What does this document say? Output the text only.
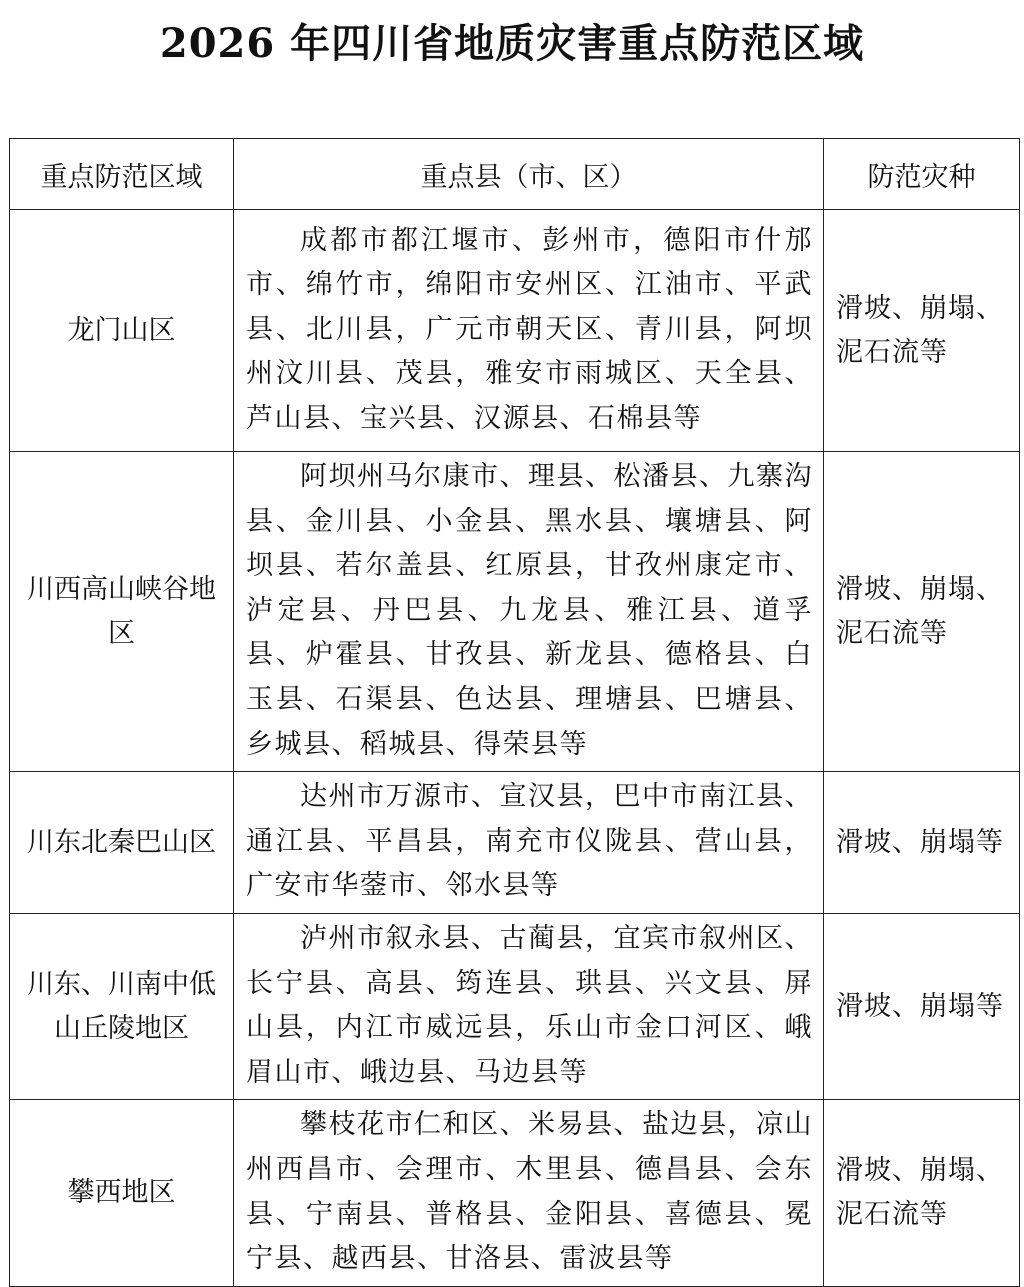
2026 年四川省地质灾害重点防范区域
重点防范区域	重点县（市、区）	防范灾种
龙门山区	成都市都江堰市、彭州市，德阳市什邡市、绵竹市，绵阳市安州区、江油市、平武县、北川县，广元市朝天区、青川县，阿坝州汶川县、茂县，雅安市雨城区、天全县、芦山县、宝兴县、汉源县、石棉县等	滑坡、崩塌、泥石流等
川西高山峡谷地区	阿坝州马尔康市、理县、松潘县、九寨沟县、金川县、小金县、黑水县、壤塘县、阿坝县、若尔盖县、红原县，甘孜州康定市、泸定县、丹巴县、九龙县、雅江县、道孚县、炉霍县、甘孜县、新龙县、德格县、白玉县、石渠县、色达县、理塘县、巴塘县、乡城县、稻城县、得荣县等	滑坡、崩塌、泥石流等
川东北秦巴山区	达州市万源市、宣汉县，巴中市南江县、通江县、平昌县，南充市仪陇县、营山县，广安市华蓥市、邻水县等	滑坡、崩塌等
川东、川南中低山丘陵地区	泸州市叙永县、古蔺县，宜宾市叙州区、长宁县、高县、筠连县、珙县、兴文县、屏山县，内江市威远县，乐山市金口河区、峨眉山市、峨边县、马边县等	滑坡、崩塌等
攀西地区	攀枝花市仁和区、米易县、盐边县，凉山州西昌市、会理市、木里县、德昌县、会东县、宁南县、普格县、金阳县、喜德县、冕宁县、越西县、甘洛县、雷波县等	滑坡、崩塌、泥石流等
